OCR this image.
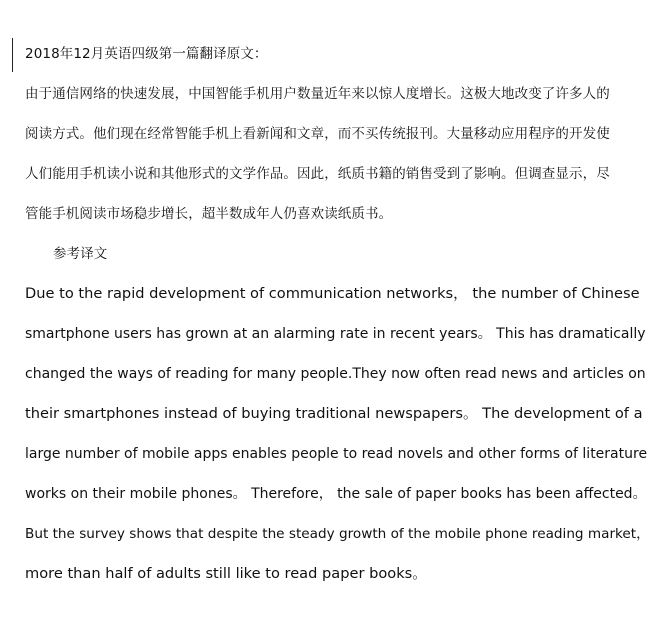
2018年12月英语四级第一篇翻译原文：
由于通信网络的快速发展，中国智能手机用户数量近年来以惊人度增长。这极大地改变了许多人的
阅读方式。他们现在经常智能手机上看新闻和文章，而不买传统报刊。大量移动应用程序的开发使
人们能用手机读小说和其他形式的文学作品。因此，纸质书籍的销售受到了影响。但调查显示，尽
管能手机阅读市场稳步增长，超半数成年人仍喜欢读纸质书。
参考译文
Due to the rapid development of communication networks， the number of Chinese
smartphone users has grown at an alarming rate in recent years。 This has dramatically
changed the ways of reading for many people.They now often read news and articles on
their smartphones instead of buying traditional newspapers。 The development of a
large number of mobile apps enables people to read novels and other forms of literature
works on their mobile phones。 Therefore， the sale of paper books has been affected。
But the survey shows that despite the steady growth of the mobile phone reading market，
more than half of adults still like to read paper books。
